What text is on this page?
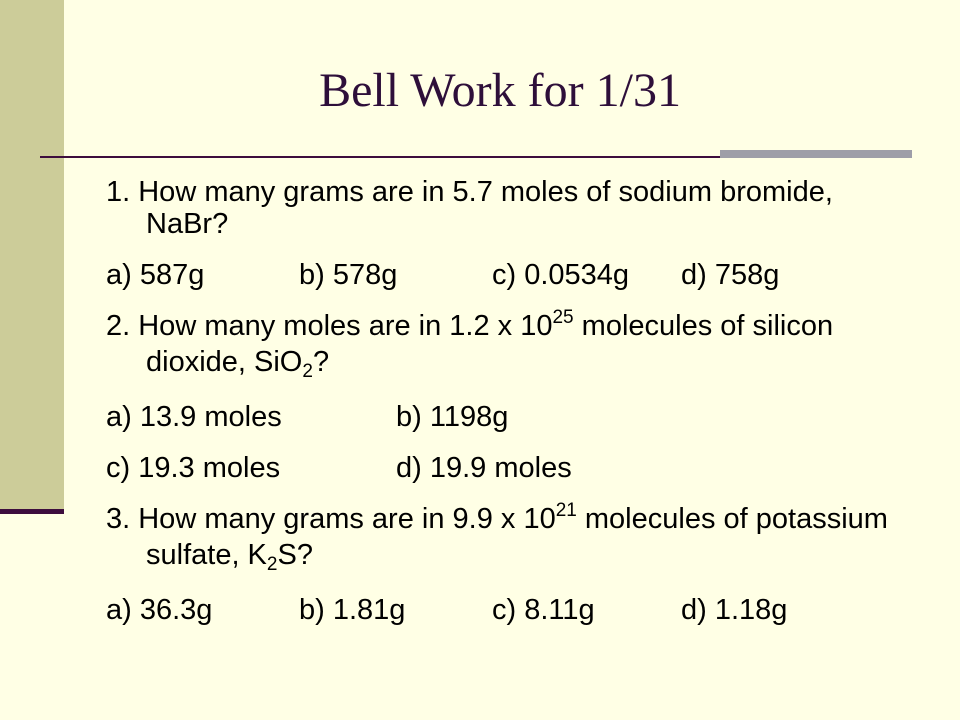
Bell Work for 1/31
1. How many grams are in 5.7 moles of sodium bromide, NaBr?
a) 587g	b) 578g	c) 0.0534g d) 758g
2. How many moles are in 1.2 x $10^{25}$ molecules of silicon dioxide, SiO$_2$?
a) 13.9 moles	b) 1198g
c) 19.3 moles	d) 19.9 moles
3. How many grams are in 9.9 x $10^{21}$ molecules of potassium sulfate, $K_2S$?
a) 36.3g	b) 1.81g	c) 8.11g	d) 1.18g
